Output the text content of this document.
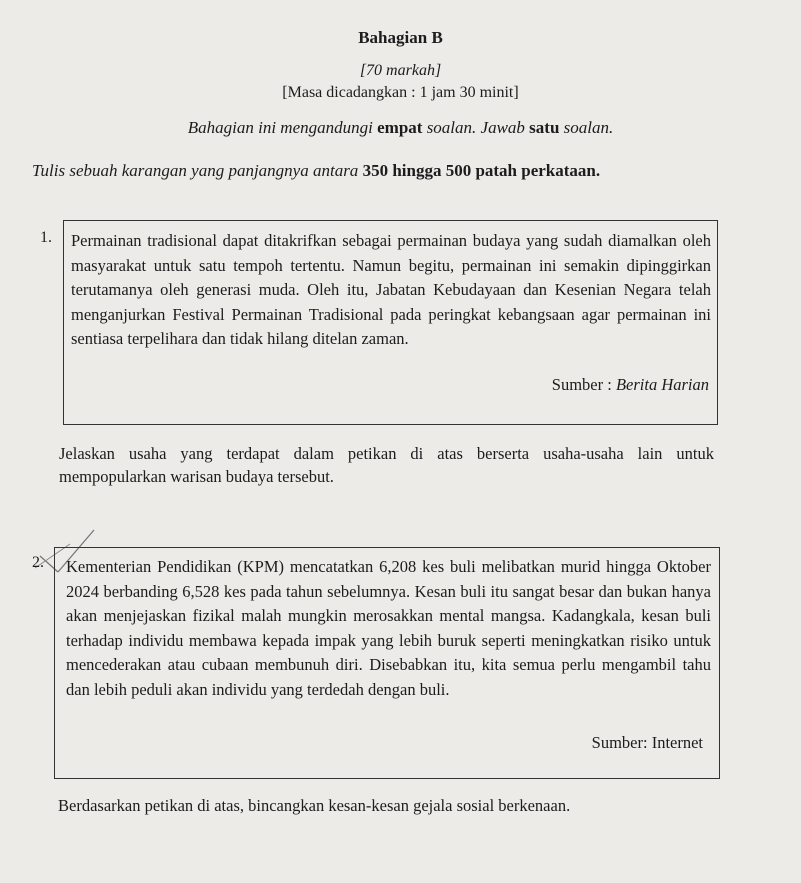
Bahagian B
[70 markah]
[Masa dicadangkan : 1 jam 30 minit]
Bahagian ini mengandungi empat soalan. Jawab satu soalan.
Tulis sebuah karangan yang panjangnya antara 350 hingga 500 patah perkataan.
1. Permainan tradisional dapat ditakrifkan sebagai permainan budaya yang sudah diamalkan oleh masyarakat untuk satu tempoh tertentu. Namun begitu, permainan ini semakin dipinggirkan terutamanya oleh generasi muda. Oleh itu, Jabatan Kebudayaan dan Kesenian Negara telah menganjurkan Festival Permainan Tradisional pada peringkat kebangsaan agar permainan ini sentiasa terpelihara dan tidak hilang ditelan zaman.
Sumber : Berita Harian
Jelaskan usaha yang terdapat dalam petikan di atas berserta usaha-usaha lain untuk mempopularkan warisan budaya tersebut.
2. Kementerian Pendidikan (KPM) mencatatkan 6,208 kes buli melibatkan murid hingga Oktober 2024 berbanding 6,528 kes pada tahun sebelumnya. Kesan buli itu sangat besar dan bukan hanya akan menjejaskan fizikal malah mungkin merosakkan mental mangsa. Kadangkala, kesan buli terhadap individu membawa kepada impak yang lebih buruk seperti meningkatkan risiko untuk mencederakan atau cubaan membunuh diri. Disebabkan itu, kita semua perlu mengambil tahu dan lebih peduli akan individu yang terdedah dengan buli.
Sumber: Internet
Berdasarkan petikan di atas, bincangkan kesan-kesan gejala sosial berkenaan.
